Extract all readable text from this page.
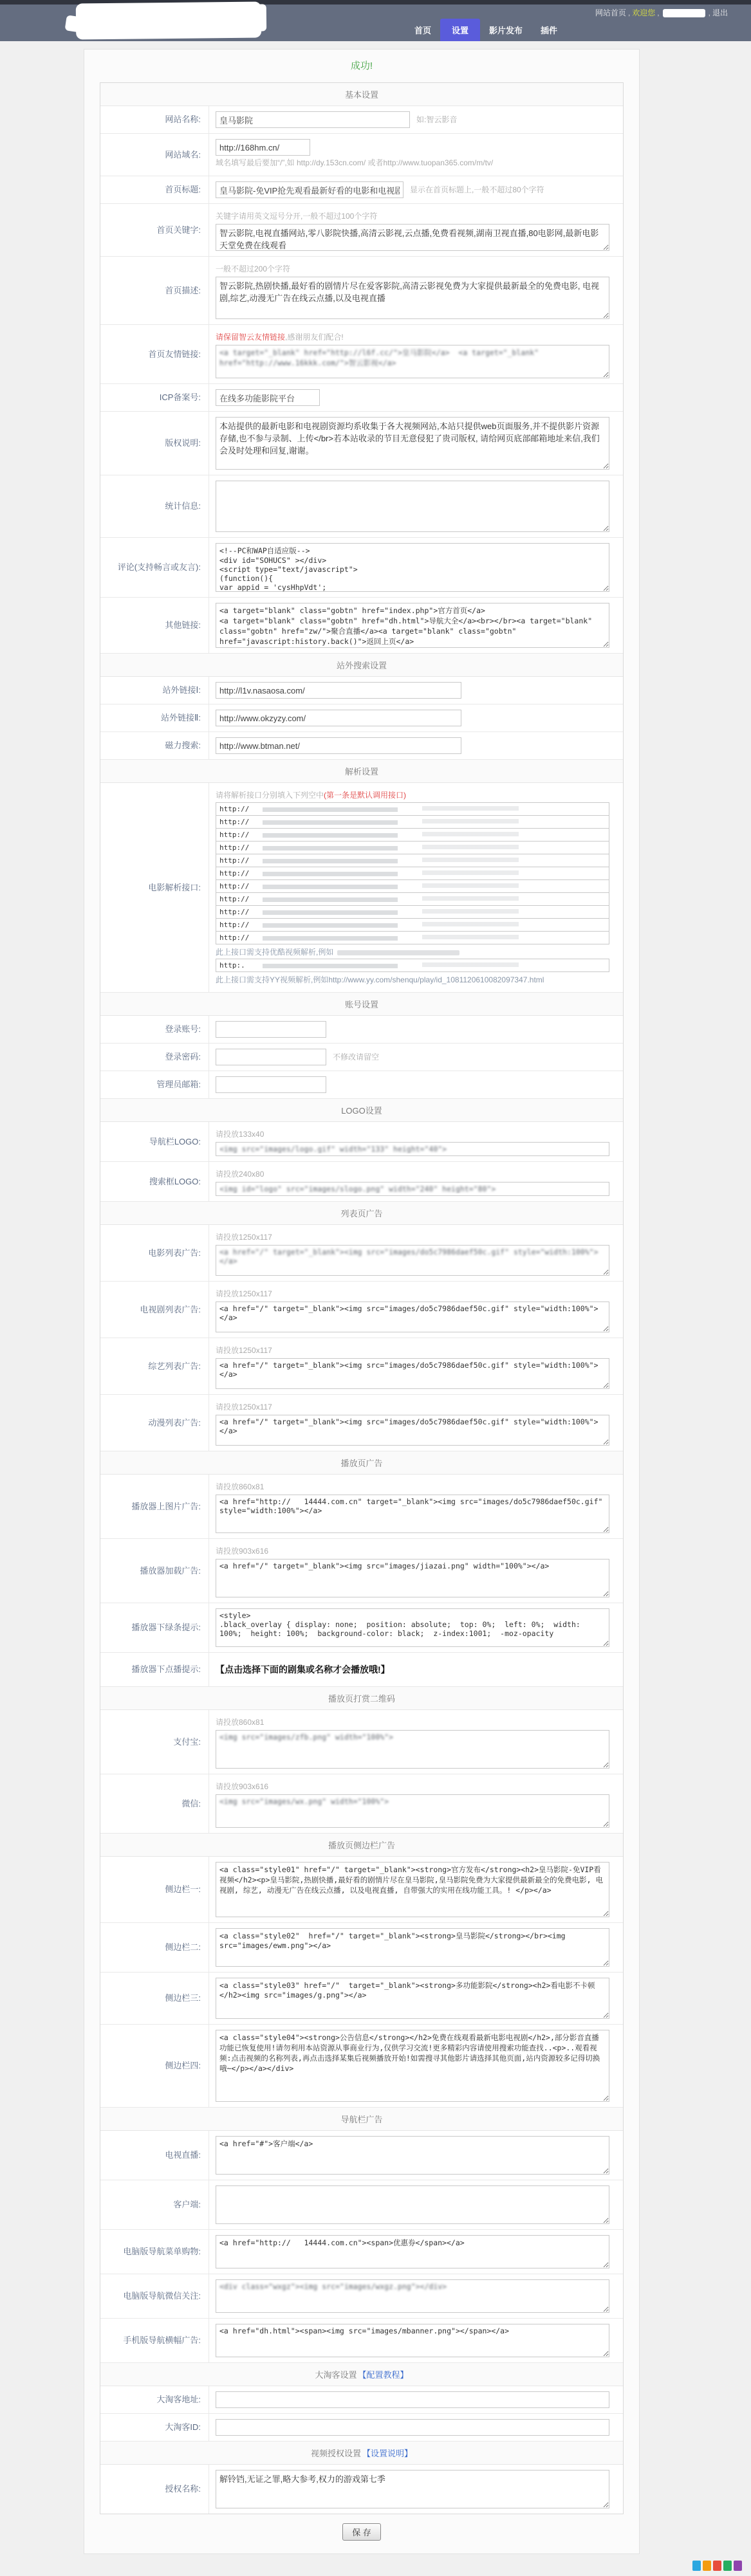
网站首页 , 欢迎您 ,	, 退出
首页	设置	影片发布	插件
成功!
基本设置
网站名称:
皇马影院	如:智云影音
网站域名:
http://168hm.cn/
域名填写最后要加“/”,如 http://dy.153cn.com/ 或者http://www.tuopan365.com/m/tv/
首页标题:
皇马影院-免VIP抢先观看最新好看的电影和电视剧	显示在首页标题上,一般不超过80个字符
首页关键字:
关键字请用英文逗号分开,一般不超过100个字符
智云影院,电视直播网站,零八影院快播,高清云影视,云点播,免费看视频,湖南卫视直播,80电影网,最新电影天堂免费在线观看
首页描述:
一般不超过200个字符
智云影院,热剧快播,最好看的剧情片尽在爱客影院,高清云影视免费为大家提供最新最全的免费电影, 电视剧,综艺,动漫无广告在线云点播,以及电视直播
首页友情链接:
请保留智云友情链接,感谢朋友们配合!
<a target="_blank" href="http://l6f.cc/">皇马影院</a> <a target="_blank" href="http://www.16kkk.com/">智云影视</a>
ICP备案号:
在线多功能影院平台
版权说明:
本站提供的最新电影和电视剧资源均系收集于各大视频网站,本站只提供web页面服务,并不提供影片资源存储,也不参与录制、上传</br>若本站收录的节目无意侵犯了贵司版权, 请给网页底部邮箱地址来信,我们会及时处理和回复,谢谢。
统计信息:
评论(支持畅言或友言):
<!--PC和WAP自适应版--> <div id="SOHUCS" ></div> <script type="text/javascript"> (function(){ var appid = 'cysHhpVdt';
其他链接:
<a target="blank" class="gobtn" href="index.php">官方首页</a> <a target="blank" class="gobtn" href="dh.html">导航大全</a><br></br><a target="blank" class="gobtn" href="zw/">聚合直播</a><a target="blank" class="gobtn" href="javascript:history.back()">返回上页</a>
站外搜索设置
站外链接Ⅰ:
http://l1v.nasaosa.com/
站外链接Ⅱ:
http://www.okzyzy.com/
磁力搜索:
http://www.btman.net/
解析设置
电影解析接口:
请将解析接口分别填入下列空中(第一条是默认调用接口)
http://
http://
http://
http://
http://
http://
http://
http://
http://
http://
http://
此上接口需支持优酷视频解析,例如
http:.
此上接口需支持YY视频解析,例如http://www.yy.com/shenqu/play/id_1081120610082097347.html
账号设置
登录账号:
登录密码:	不修改请留空
管理员邮箱:
LOGO设置
导航栏LOGO:
请投放133x40
<img src="images/logo.gif" width="133" height="40">
搜索框LOGO:
请投放240x80
<img id="logo" src="images/slogo.png" width="240" height="80">
列表页广告
电影列表广告:
请投放1250x117
<a href="/" target="_blank"><img src="images/do5c7986daef50c.gif" style="width:100%"></a>
电视剧列表广告:
请投放1250x117
<a href="/" target="_blank"><img src="images/do5c7986daef50c.gif" style="width:100%"></a>
综艺列表广告:
请投放1250x117
<a href="/" target="_blank"><img src="images/do5c7986daef50c.gif" style="width:100%"></a>
动漫列表广告:
请投放1250x117
<a href="/" target="_blank"><img src="images/do5c7986daef50c.gif" style="width:100%"></a>
播放页广告
播放器上图片广告:
请投放860x81
<a href="http:// 14444.com.cn" target="_blank"><img src="images/do5c7986daef50c.gif" style="width:100%"></a>
播放器加载广告:
请投放903x616
<a href="/" target="_blank"><img src="images/jiazai.png" width="100%"></a>
播放器下绿条提示:
<style> .black_overlay { display: none; position: absolute; top: 0%; left: 0%; width: 100%; height: 100%; background-color: black; z-index:1001; -moz-opacity
播放器下点播提示:	【点击选择下面的剧集或名称才会播放哦!】
播放页打赏二维码
支付宝:
请投放860x81
<img src="images/zfb.png" width="100%">
微信:
请投放903x616
<img src="images/wx.png" width="100%">
播放页侧边栏广告
侧边栏一:
<a class="style01" href="/" target="_blank"><strong>官方发布</strong><h2>皇马影院-免VIP看视频</h2><p>皇马影院,热剧快播,最好看的剧情片尽在皇马影院,皇马影院免费为大家提供最新最全的免费电影, 电视剧, 综艺, 动漫无广告在线云点播, 以及电视直播, 自带强大的实用在线功能工具。! </p></a>
侧边栏二:
<a class="style02" href="/" target="_blank"><strong>皇马影院</strong></br><img src="images/ewm.png"></a>
侧边栏三:
<a class="style03" href="/" target="_blank"><strong>多功能影院</strong><h2>看电影不卡顿</h2><img src="images/g.png"></a>
侧边栏四:
<a class="style04"><strong>公告信息</strong></h2>免费在线观看最新电影电视剧</h2>,部分影音直播功能已恢复使用!请勿利用本站资源从事商业行为,仅供学习交流!更多精彩内容请使用搜索功能查找..<p>..观看视频:点击视频的名称列表,再点击选择某集后视频播放开始!如需搜寻其他影片请选择其他页面,站内资源较多记得切换哦~</p></a></div>
导航栏广告
电视直播:
<a href="#">客户端</a>
客户端:
电脑版导航菜单购物:
<a href="http:// 14444.com.cn"><span>优惠券</span></a>
电脑版导航微信关注:
<div class="wxgz"><img src="images/wxgz.png"></div>
手机版导航横幅广告:
<a href="dh.html"><span><img src="images/mbanner.png"></span></a>
大淘客设置 【配置教程】
大淘客地址:
大淘客ID:
视频授权设置 【设置说明】
授权名称:
解铃铛,无证之罪,略大参考,权力的游戏第七季
保 存
